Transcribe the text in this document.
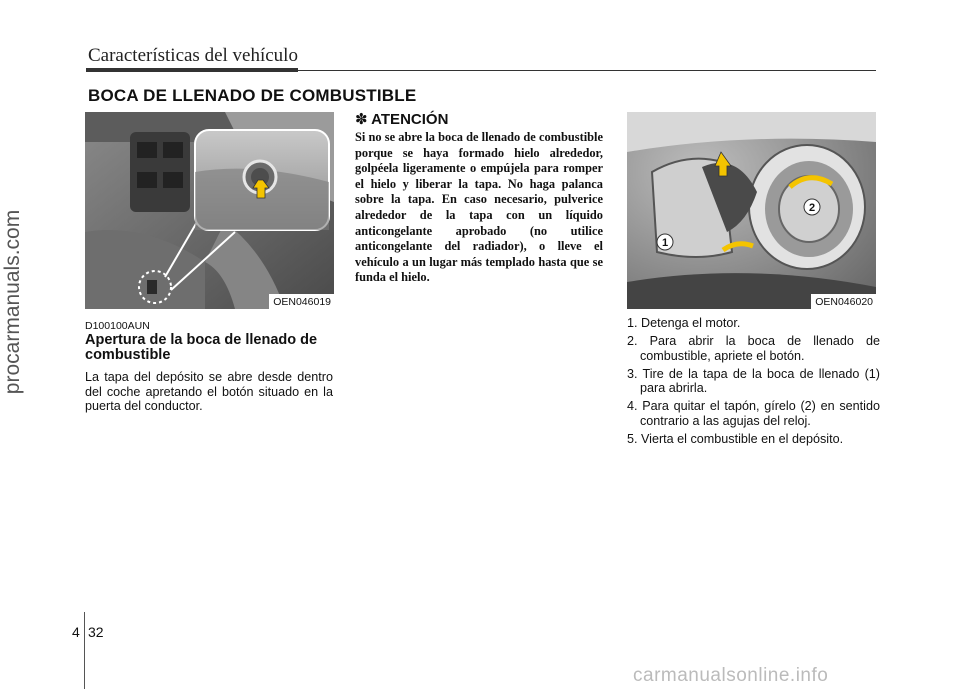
Características del vehículo
BOCA DE LLENADO DE COMBUSTIBLE
OEN046019
D100100AUN
Apertura de la boca de llenado de combustible
La tapa del depósito se abre desde dentro del coche apretando el botón situado en la puerta del conductor.
✽ ATENCIÓN
Si no se abre la boca de llenado de combustible porque se haya formado hielo alrededor, golpéela ligeramente o empújela para romper el hielo y liberar la tapa. No haga palanca sobre la tapa. En caso necesario, pulverice alrededor de la tapa con un líquido anticongelante aprobado (no utilice anticongelante del radiador), o lleve el vehículo a un lugar más templado hasta que se funda el hielo.
1
2
OEN046020
1. Detenga el motor.
2. Para abrir la boca de llenado de combustible, apriete el botón.
3. Tire de la tapa de la boca de llenado (1) para abrirla.
4. Para quitar el tapón, gírelo (2) en sentido contrario a las agujas del reloj.
5. Vierta el combustible en el depósito.
4 32
procarmanuals.com
carmanualsonline.info
